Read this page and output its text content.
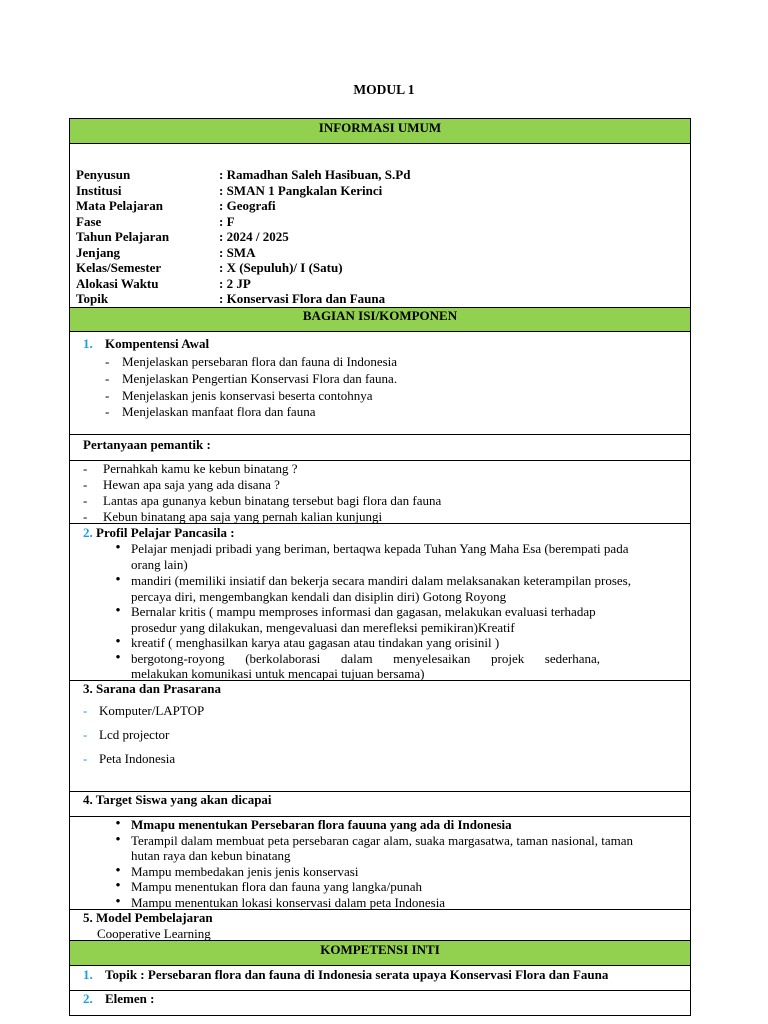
MODUL 1
INFORMASI UMUM
Penyusun	: Ramadhan Saleh Hasibuan, S.Pd
Institusi	: SMAN 1 Pangkalan Kerinci
Mata Pelajaran	: Geografi
Fase	: F
Tahun Pelajaran	: 2024 / 2025
Jenjang	: SMA
Kelas/Semester	: X (Sepuluh)/ I (Satu)
Alokasi Waktu	: 2 JP
Topik	: Konservasi Flora dan Fauna
BAGIAN ISI/KOMPONEN
1. Kompentensi Awal
- Menjelaskan persebaran flora dan fauna di Indonesia
- Menjelaskan Pengertian Konservasi Flora dan fauna.
- Menjelaskan jenis konservasi beserta contohnya
- Menjelaskan manfaat flora dan fauna
Pertanyaan pemantik :
- Pernahkah kamu ke kebun binatang ?
- Hewan apa saja yang ada disana ?
- Lantas apa gunanya kebun binatang tersebut bagi flora dan fauna
- Kebun binatang apa saja yang pernah kalian kunjungi
2. Profil Pelajar Pancasila :
• Pelajar menjadi pribadi yang beriman, bertaqwa kepada Tuhan Yang Maha Esa (berempati pada
orang lain)
• mandiri (memiliki insiatif dan bekerja secara mandiri dalam melaksanakan keterampilan proses,
percaya diri, mengembangkan kendali dan disiplin diri) Gotong Royong
• Bernalar kritis ( mampu memproses informasi dan gagasan, melakukan evaluasi terhadap
prosedur yang dilakukan, mengevaluasi dan merefleksi pemikiran)Kreatif
• kreatif ( menghasilkan karya atau gagasan atau tindakan yang orisinil )
• bergotong-royong (berkolaborasi dalam menyelesaikan projek sederhana,
melakukan komunikasi untuk mencapai tujuan bersama)
3. Sarana dan Prasarana
- Komputer/LAPTOP
- Lcd projector
- Peta Indonesia
4. Target Siswa yang akan dicapai
• Mmapu menentukan Persebaran flora fauuna yang ada di Indonesia
• Terampil dalam membuat peta persebaran cagar alam, suaka margasatwa, taman nasional, taman
hutan raya dan kebun binatang
• Mampu membedakan jenis jenis konservasi
• Mampu menentukan flora dan fauna yang langka/punah
• Mampu menentukan lokasi konservasi dalam peta Indonesia
5. Model Pembelajaran
Cooperative Learning
KOMPETENSI INTI
1. Topik : Persebaran flora dan fauna di Indonesia serata upaya Konservasi Flora dan Fauna
2. Elemen :
